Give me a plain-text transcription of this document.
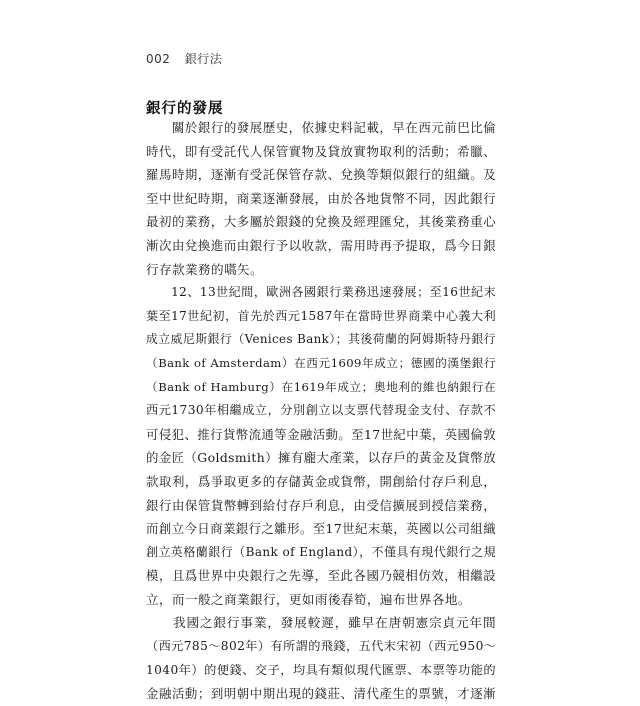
002 銀行法
銀行的發展
　　關於銀行的發展歷史，依據史料記載，早在西元前巴比倫
時代，即有受託代人保管實物及貸放實物取利的活動；希臘、
羅馬時期，逐漸有受託保管存款、兌換等類似銀行的組織。及
至中世紀時期，商業逐漸發展，由於各地貨幣不同，因此銀行
最初的業務，大多屬於銀錢的兌換及經理匯兌，其後業務重心
漸次由兌換進而由銀行予以收款，需用時再予提取，爲今日銀
行存款業務的嚆矢。
　　12、13世紀間，歐洲各國銀行業務迅速發展；至16世紀末
葉至17世紀初，首先於西元1587年在當時世界商業中心義大利
成立威尼斯銀行（Venices Bank）；其後荷蘭的阿姆斯特丹銀行
（Bank of Amsterdam）在西元1609年成立；德國的漢堡銀行
（Bank of Hamburg）在1619年成立；奧地利的維也納銀行在
西元1730年相繼成立，分別創立以支票代替現金支付、存款不
可侵犯、推行貨幣流通等金融活動。至17世紀中葉，英國倫敦
的金匠（Goldsmith）擁有龐大產業，以存戶的黃金及貨幣放
款取利，爲爭取更多的存儲黃金或貨幣，開創給付存戶利息，
銀行由保管貨幣轉到給付存戶利息，由受信擴展到授信業務，
而創立今日商業銀行之雛形。至17世紀末葉，英國以公司組織
創立英格蘭銀行（Bank of England），不僅具有現代銀行之規
模，且爲世界中央銀行之先導，至此各國乃競相仿效，相繼設
立，而一般之商業銀行，更如雨後春筍，遍布世界各地。
　　我國之銀行事業，發展較遲，雖早在唐朝憲宗貞元年間
（西元785～802年）有所謂的飛錢，五代末宋初（西元950～
1040年）的便錢、交子，均具有類似現代匯票、本票等功能的
金融活動；到明朝中期出現的錢莊、清代產生的票號，才逐漸
